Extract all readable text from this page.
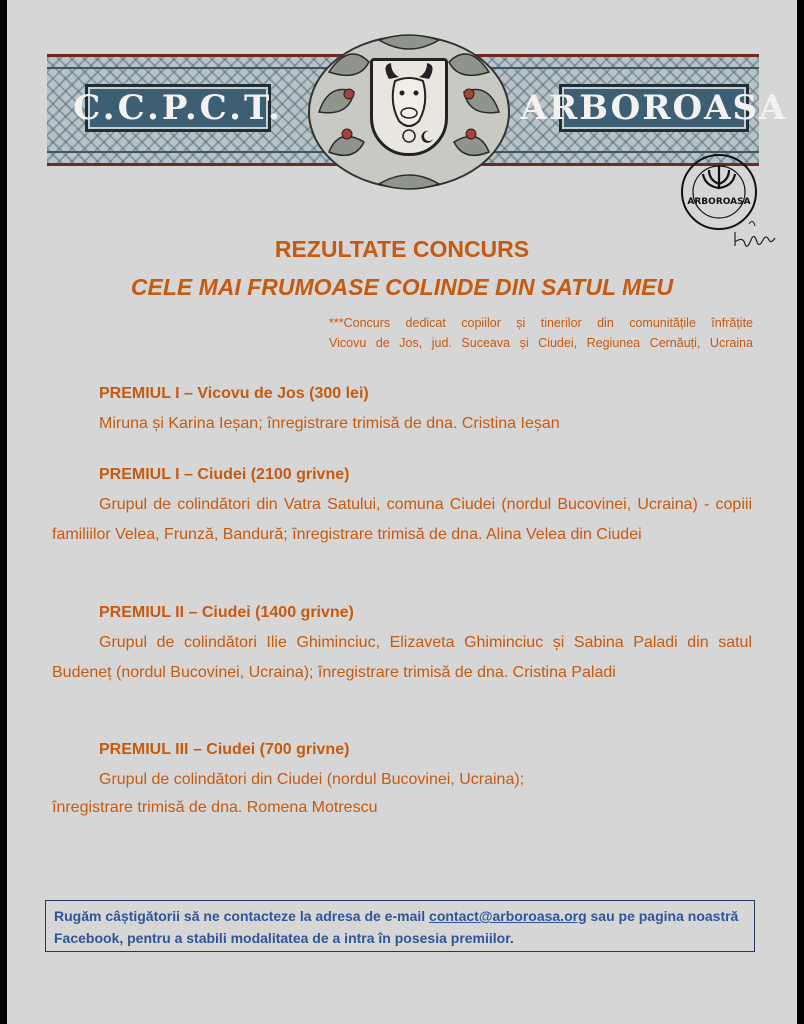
C.C.P.C.T.	ARBOROASA
ARBOROASA
REZULTATE CONCURS
CELE MAI FRUMOASE COLINDE DIN SATUL MEU
***Concurs dedicat copiilor și tinerilor din comunitățile înfrățite
Vicovu de Jos, jud. Suceava și Ciudei, Regiunea Cernăuți, Ucraina
PREMIUL I – Vicovu de Jos (300 lei)

Miruna și Karina Ieșan; înregistrare trimisă de dna. Cristina Ieșan

PREMIUL I – Ciudei (2100 grivne)

Grupul de colindători din Vatra Satului, comuna Ciudei (nordul Bucovinei, Ucraina) - copiii familiilor Velea, Frunză, Bandură; înregistrare trimisă de dna. Alina Velea din Ciudei

PREMIUL II – Ciudei (1400 grivne)

Grupul de colindători Ilie Ghiminciuc, Elizaveta Ghiminciuc și Sabina Paladi din satul Budeneț (nordul Bucovinei, Ucraina); înregistrare trimisă de dna. Cristina Paladi

PREMIUL III – Ciudei (700 grivne)

Grupul de colindători din Ciudei (nordul Bucovinei, Ucraina);

înregistrare trimisă de dna. Romena Motrescu

Rugăm câștigătorii să ne contacteze la adresa de e-mail contact@arboroasa.org sau pe pagina noastră Facebook, pentru a stabili modalitatea de a intra în posesia premiilor.
